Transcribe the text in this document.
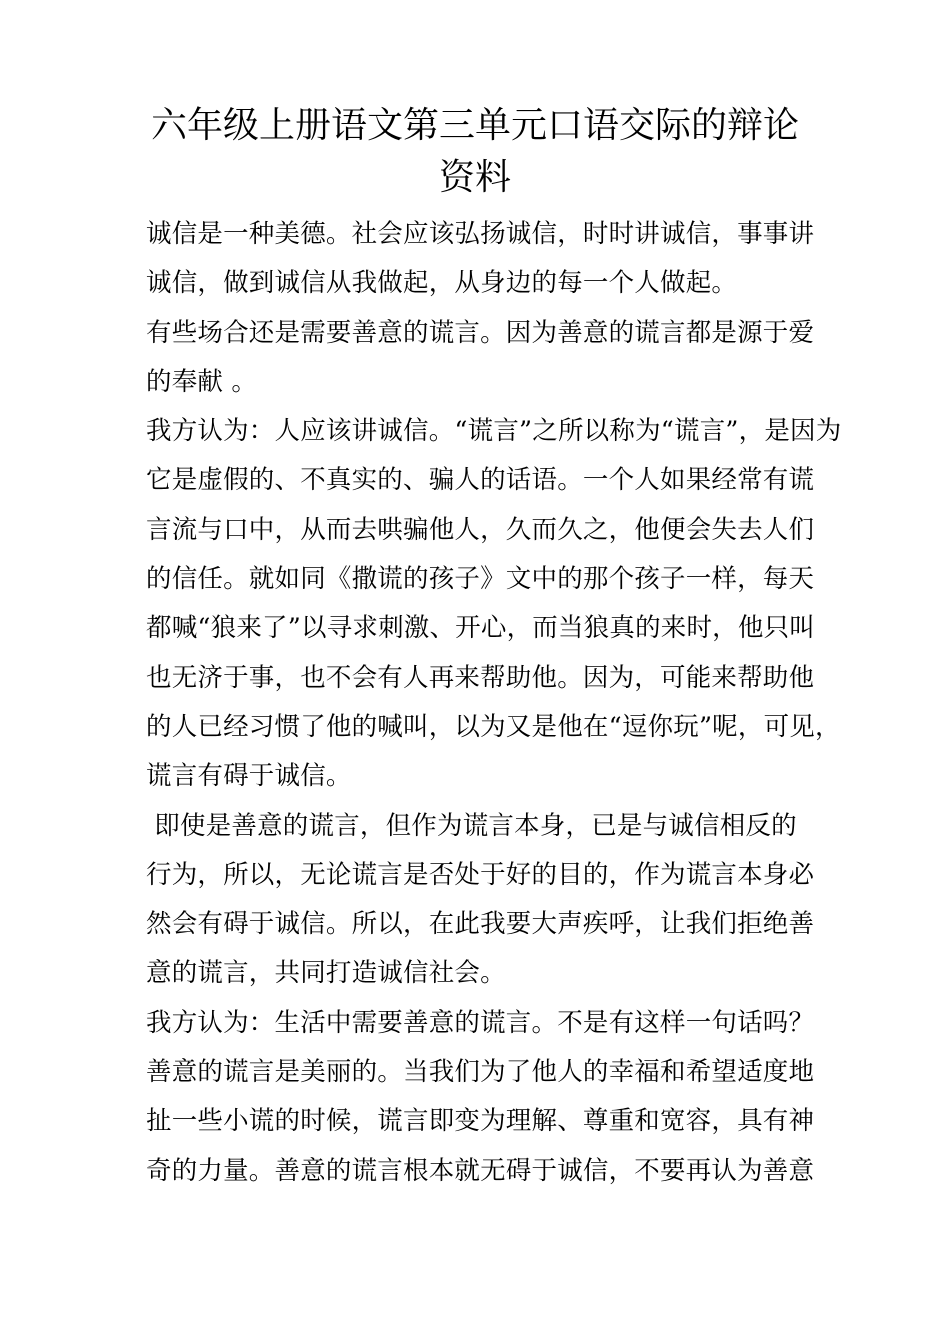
六年级上册语文第三单元口语交际的辩论
资料
诚信是一种美德。社会应该弘扬诚信，时时讲诚信，事事讲
诚信，做到诚信从我做起，从身边的每一个人做起。
有些场合还是需要善意的谎言。因为善意的谎言都是源于爱
的奉献 。
我方认为：人应该讲诚信。“谎言”之所以称为“谎言”，是因为
它是虚假的、不真实的、骗人的话语。一个人如果经常有谎
言流与口中，从而去哄骗他人，久而久之，他便会失去人们
的信任。就如同《撒谎的孩子》文中的那个孩子一样，每天
都喊“狼来了”以寻求刺激、开心，而当狼真的来时，他只叫
也无济于事，也不会有人再来帮助他。因为，可能来帮助他
的人已经习惯了他的喊叫，以为又是他在“逗你玩”呢，可见，
谎言有碍于诚信。
即使是善意的谎言，但作为谎言本身，已是与诚信相反的
行为，所以，无论谎言是否处于好的目的，作为谎言本身必
然会有碍于诚信。所以，在此我要大声疾呼，让我们拒绝善
意的谎言，共同打造诚信社会。
我方认为：生活中需要善意的谎言。不是有这样一句话吗？
善意的谎言是美丽的。当我们为了他人的幸福和希望适度地
扯一些小谎的时候，谎言即变为理解、尊重和宽容，具有神
奇的力量。善意的谎言根本就无碍于诚信，不要再认为善意
